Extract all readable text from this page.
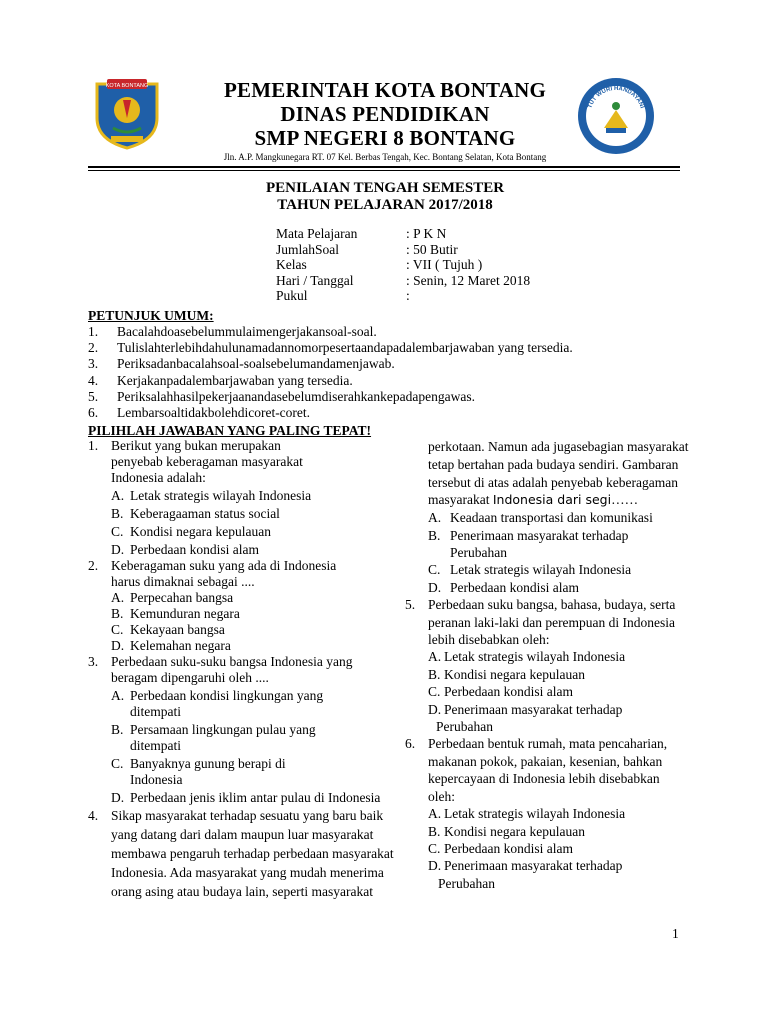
KOTA BONTANG
TUT WURI HANDAYANI
PEMERINTAH KOTA BONTANG
DINAS PENDIDIKAN
SMP NEGERI 8 BONTANG
Jln. A.P. Mangkunegara RT. 07 Kel. Berbas Tengah, Kec. Bontang Selatan, Kota Bontang
PENILAIAN TENGAH SEMESTER
TAHUN PELAJARAN 2017/2018
Mata Pelajaran	: P K N
JumlahSoal	: 50 Butir
Kelas	: VII ( Tujuh )
Hari / Tanggal	: Senin, 12 Maret 2018
Pukul	:
PETUNJUK UMUM:
1.	Bacalahdoasebelummulaimengerjakansoal-soal.
2.	Tulislahterlebihdahulunamadannomorpesertaandapadalembarjawaban yang tersedia.
3.	Periksadanbacalahsoal-soalsebelumandamenjawab.
4.	Kerjakanpadalembarjawaban yang tersedia.
5.	Periksalahhasilpekerjaanandasebelumdiserahkankepadapengawas.
6.	Lembarsoaltidakbolehdicoret-coret.
PILIHLAH JAWABAN YANG PALING TEPAT!
1. Berikut yang bukan merupakan penyebab keberagaman masyarakat Indonesia adalah:
A. Letak strategis wilayah Indonesia
B. Keberagaaman status social
C. Kondisi negara kepulauan
D. Perbedaan kondisi alam
2. Keberagaman suku yang ada di Indonesia harus dimaknai sebagai ....
A. Perpecahan bangsa
B. Kemunduran negara
C. Kekayaan bangsa
D. Kelemahan negara
3. Perbedaan suku-suku bangsa Indonesia yang beragam dipengaruhi oleh ....
A. Perbedaan kondisi lingkungan yang ditempati
B. Persamaan lingkungan pulau yang ditempati
C. Banyaknya gunung berapi di Indonesia
D. Perbedaan jenis iklim antar pulau di Indonesia
4. Sikap masyarakat terhadap sesuatu yang baru baik yang datang dari dalam maupun luar masyarakat membawa pengaruh terhadap perbedaan masyarakat Indonesia. Ada masyarakat yang mudah menerima orang asing atau budaya lain, seperti masyarakat
perkotaan. Namun ada jugasebagian masyarakat tetap bertahan pada budaya sendiri. Gambaran tersebut di atas adalah penyebab keberagaman masyarakat Indonesia dari segi……
A. Keadaan transportasi dan komunikasi
B. Penerimaan masyarakat terhadap
Perubahan
C. Letak strategis wilayah Indonesia
D. Perbedaan kondisi alam
5. Perbedaan suku bangsa, bahasa, budaya, serta peranan laki-laki dan perempuan di Indonesia lebih disebabkan oleh:
A. Letak strategis wilayah Indonesia
B. Kondisi negara kepulauan
C. Perbedaan kondisi alam
D. Penerimaan masyarakat terhadap
Perubahan
6. Perbedaan bentuk rumah, mata pencaharian, makanan pokok, pakaian, kesenian, bahkan kepercayaan di Indonesia lebih disebabkan oleh:
A. Letak strategis wilayah Indonesia
B. Kondisi negara kepulauan
C. Perbedaan kondisi alam
D. Penerimaan masyarakat terhadap
Perubahan
1
